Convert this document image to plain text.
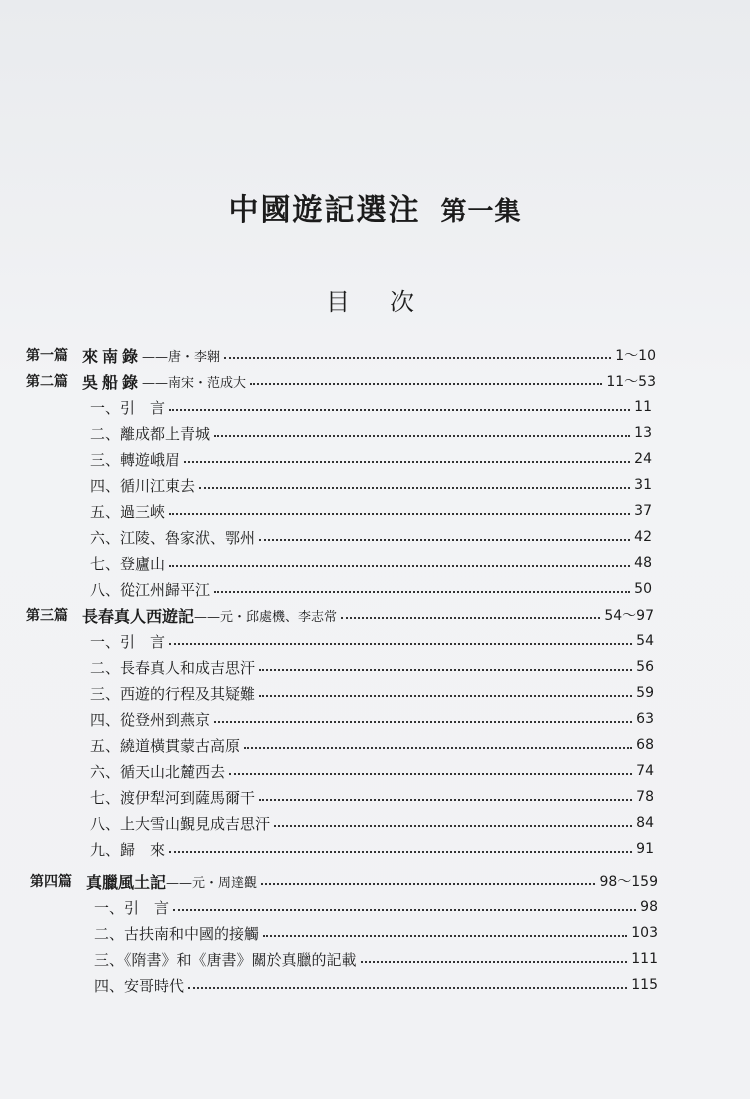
中國遊記選注 第一集
目次
第一篇 來南錄 ——唐・李翱	1～10
第二篇 吳船錄 ——南宋・范成大	11～53
一、引　言	11
二、離成都上青城	13
三、轉遊峨眉	24
四、循川江東去	31
五、過三峽	37
六、江陵、魯家洑、鄂州	42
七、登廬山	48
八、從江州歸平江	50
第三篇 長春真人西遊記 ——元・邱處機、李志常	54～97
一、引　言	54
二、長春真人和成吉思汗	56
三、西遊的行程及其疑難	59
四、從登州到燕京	63
五、繞道橫貫蒙古高原	68
六、循天山北麓西去	74
七、渡伊犁河到薩馬爾干	78
八、上大雪山覲見成吉思汗	84
九、歸　來	91
第四篇 真臘風土記 ——元・周達觀	98～159
一、引　言	98
二、古扶南和中國的接觸	103
三、《隋書》和《唐書》關於真臘的記載	111
四、安哥時代	115
